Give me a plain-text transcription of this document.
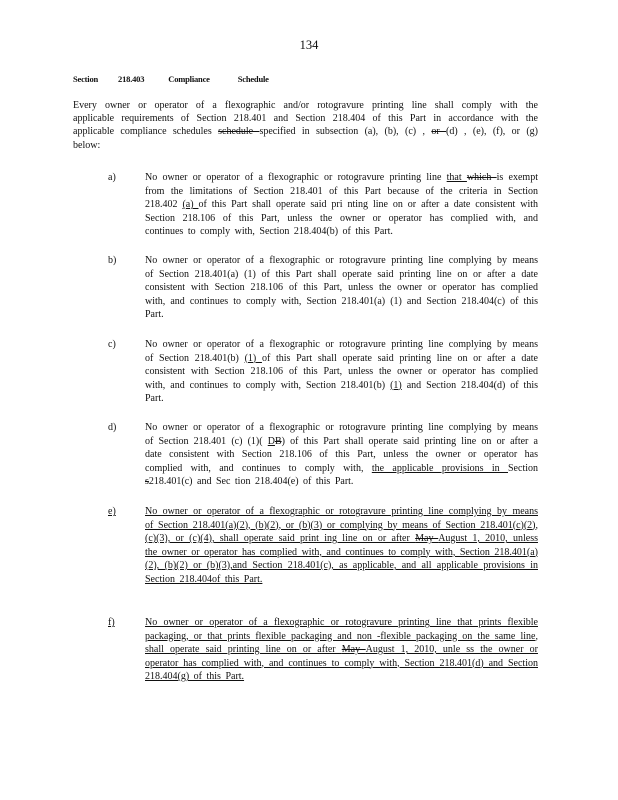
134
Section 218.403	Compliance	Schedule
Every owner or operator of a flexographic and/or rotogravure printing line shall comply with the applicable requirements of Section 218.401 and Section 218.404 of this Part in accordance with the applicable compliance schedules schedule specified in subsection (a), (b), (c) , or (d) , (e), (f), or (g) below:
a)	No owner or operator of a flexographic or rotogravure printing line that which is exempt from the limitations of Section 218.401 of this Part because of the criteria in Section 218.402 (a) of this Part shall operate said pri nting line on or after a date consistent with Section 218.106 of this Part, unless the owner or operator has complied with, and continues to comply with, Section 218.404(b) of this Part.
b)	No owner or operator of a flexographic or rotogravure printing line complying by means of Section 218.401(a) (1) of this Part shall operate said printing line on or after a date consistent with Section 218.106 of this Part, unless the owner or operator has complied with, and continues to comply with, Section 218.401(a) (1) and Section 218.404(c) of this Part.
c)	No owner or operator of a flexographic or rotogravure printing line complying by means of Section 218.401(b) (1) of this Part shall operate said printing line on or after a date consistent with Section 218.106 of this Part, unless the owner or operator has complied with, and continues to comply with, Section 218.401(b) (1) and Section 218.404(d) of this Part.
d)	No owner or operator of a flexographic or rotogravure printing line complying by means of Section 218.401 (c) (1)( DB) of this Part shall operate said printing line on or after a date consistent with Section 218.106 of this Part, unless the owner or operator has complied with, and continues to comply with, the applicable provisions in Section s218.401(c) and Sec tion 218.404(e) of this Part.
e)	No owner or operator of a flexographic or rotogravure printing line complying by means of Section 218.401(a)(2), (b)(2), or (b)(3) or complying by means of Section 218.401(c)(2), (c)(3), or (c)(4), shall operate said print ing line on or after May August 1, 2010, unless the owner or operator has complied with, and continues to comply with, Section 218.401(a)(2), (b)(2) or (b)(3),and Section 218.401(c), as applicable, and all applicable provisions in Section 218.404of this Part.
f)	No owner or operator of a flexographic or rotogravure printing line that prints flexible packaging, or that prints flexible packaging and non -flexible packaging on the same line, shall operate said printing line on or after May August 1, 2010, unle ss the owner or operator has complied with, and continues to comply with, Section 218.401(d) and Section 218.404(g) of this Part.
